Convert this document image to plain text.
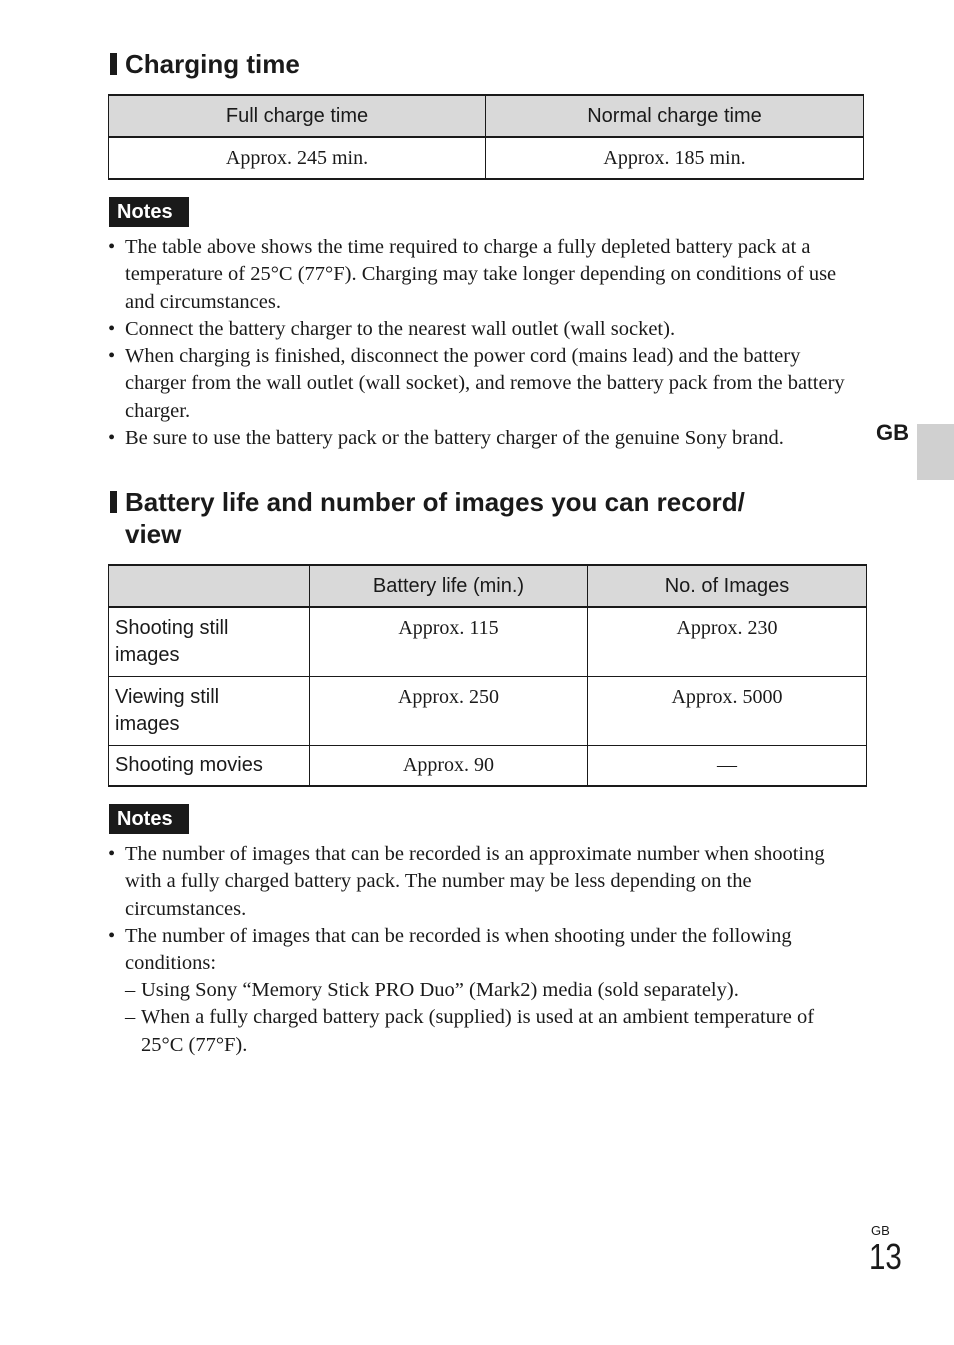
Charging time
Full charge time	Normal charge time
Approx. 245 min.	Approx. 185 min.
Notes
• The table above shows the time required to charge a fully depleted battery pack at a temperature of 25°C (77°F). Charging may take longer depending on conditions of use and circumstances.
• Connect the battery charger to the nearest wall outlet (wall socket).
• When charging is finished, disconnect the power cord (mains lead) and the battery charger from the wall outlet (wall socket), and remove the battery pack from the battery charger.
• Be sure to use the battery pack or the battery charger of the genuine Sony brand.	GB
Battery life and number of images you can record/
view
	Battery life (min.)	No. of Images
Shooting still
images	Approx. 115	Approx. 230
Viewing still
images	Approx. 250	Approx. 5000
Shooting movies	Approx. 90	—
Notes
• The number of images that can be recorded is an approximate number when shooting with a fully charged battery pack. The number may be less depending on the circumstances.
• The number of images that can be recorded is when shooting under the following conditions:
– Using Sony “Memory Stick PRO Duo” (Mark2) media (sold separately).
– When a fully charged battery pack (supplied) is used at an ambient temperature of 25°C (77°F).
GB
13
